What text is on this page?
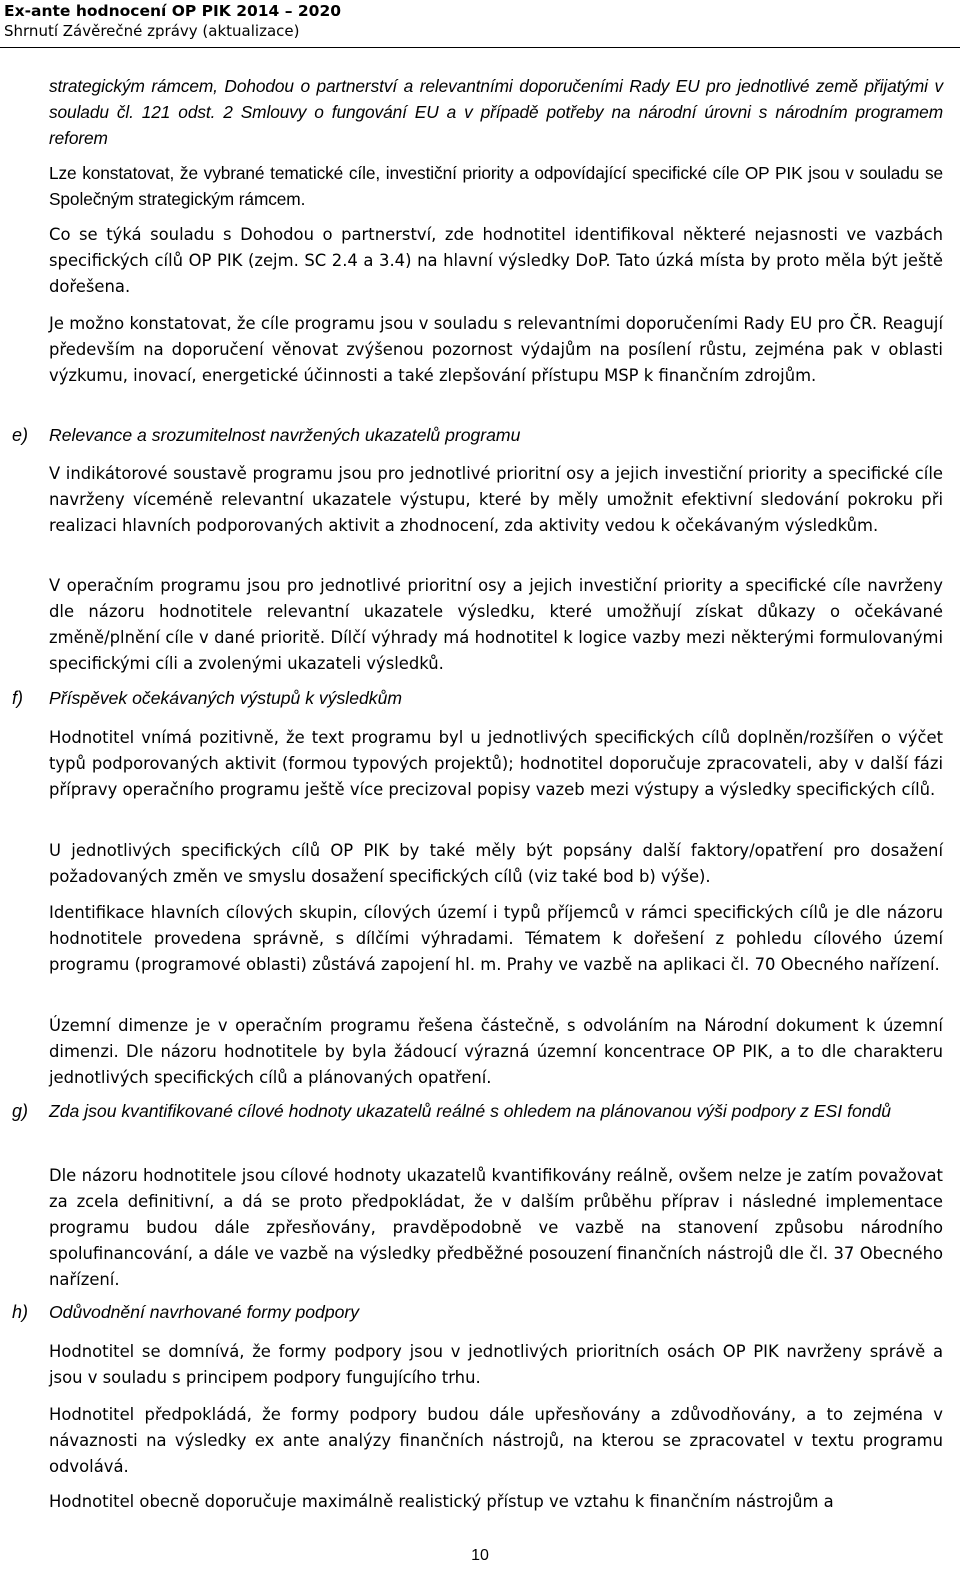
Ex-ante hodnocení OP PIK 2014 – 2020
Shrnutí Závěrečné zprávy (aktualizace)
strategickým rámcem, Dohodou o partnerství a relevantními doporučeními Rady EU pro jednotlivé země přijatými v souladu čl. 121 odst. 2 Smlouvy o fungování EU a v případě potřeby na národní úrovni s národním programem reforem
Lze konstatovat, že vybrané tematické cíle, investiční priority a odpovídající specifické cíle OP PIK jsou v souladu se Společným strategickým rámcem.
Co se týká souladu s Dohodou o partnerství, zde hodnotitel identifikoval některé nejasnosti ve vazbách specifických cílů OP PIK (zejm. SC 2.4 a 3.4) na hlavní výsledky DoP. Tato úzká místa by proto měla být ještě dořešena.
Je možno konstatovat, že cíle programu jsou v souladu s relevantními doporučeními Rady EU pro ČR. Reagují především na doporučení věnovat zvýšenou pozornost výdajům na posílení růstu, zejména pak v oblasti výzkumu, inovací, energetické účinnosti a také zlepšování přístupu MSP k finančním zdrojům.
e) Relevance a srozumitelnost navržených ukazatelů programu
V indikátorové soustavě programu jsou pro jednotlivé prioritní osy a jejich investiční priority a specifické cíle navrženy víceméně relevantní ukazatele výstupu, které by měly umožnit efektivní sledování pokroku při realizaci hlavních podporovaných aktivit a zhodnocení, zda aktivity vedou k očekávaným výsledkům.
V operačním programu jsou pro jednotlivé prioritní osy a jejich investiční priority a specifické cíle navrženy dle názoru hodnotitele relevantní ukazatele výsledku, které umožňují získat důkazy o očekávané změně/plnění cíle v dané prioritě. Dílčí výhrady má hodnotitel k logice vazby mezi některými formulovanými specifickými cíli a zvolenými ukazateli výsledků.
f) Příspěvek očekávaných výstupů k výsledkům
Hodnotitel vnímá pozitivně, že text programu byl u jednotlivých specifických cílů doplněn/rozšířen o výčet typů podporovaných aktivit (formou typových projektů); hodnotitel doporučuje zpracovateli, aby v další fázi přípravy operačního programu ještě více precizoval popisy vazeb mezi výstupy a výsledky specifických cílů.
U jednotlivých specifických cílů OP PIK by také měly být popsány další faktory/opatření pro dosažení požadovaných změn ve smyslu dosažení specifických cílů (viz také bod b) výše).
Identifikace hlavních cílových skupin, cílových území i typů příjemců v rámci specifických cílů je dle názoru hodnotitele provedena správně, s dílčími výhradami. Tématem k dořešení z pohledu cílového území programu (programové oblasti) zůstává zapojení hl. m. Prahy ve vazbě na aplikaci čl. 70 Obecného nařízení.
Územní dimenze je v operačním programu řešena částečně, s odvoláním na Národní dokument k územní dimenzi. Dle názoru hodnotitele by byla žádoucí výrazná územní koncentrace OP PIK, a to dle charakteru jednotlivých specifických cílů a plánovaných opatření.
g) Zda jsou kvantifikované cílové hodnoty ukazatelů reálné s ohledem na plánovanou výši podpory z ESI fondů
Dle názoru hodnotitele jsou cílové hodnoty ukazatelů kvantifikovány reálně, ovšem nelze je zatím považovat za zcela definitivní, a dá se proto předpokládat, že v dalším průběhu příprav i následné implementace programu budou dále zpřesňovány, pravděpodobně ve vazbě na stanovení způsobu národního spolufinancování, a dále ve vazbě na výsledky předběžné posouzení finančních nástrojů dle čl. 37 Obecného nařízení.
h) Odůvodnění navrhované formy podpory
Hodnotitel se domnívá, že formy podpory jsou v jednotlivých prioritních osách OP PIK navrženy správě a jsou v souladu s principem podpory fungujícího trhu.
Hodnotitel předpokládá, že formy podpory budou dále upřesňovány a zdůvodňovány, a to zejména v návaznosti na výsledky ex ante analýzy finančních nástrojů, na kterou se zpracovatel v textu programu odvolává.
Hodnotitel obecně doporučuje maximálně realistický přístup ve vztahu k finančním nástrojům a
10
